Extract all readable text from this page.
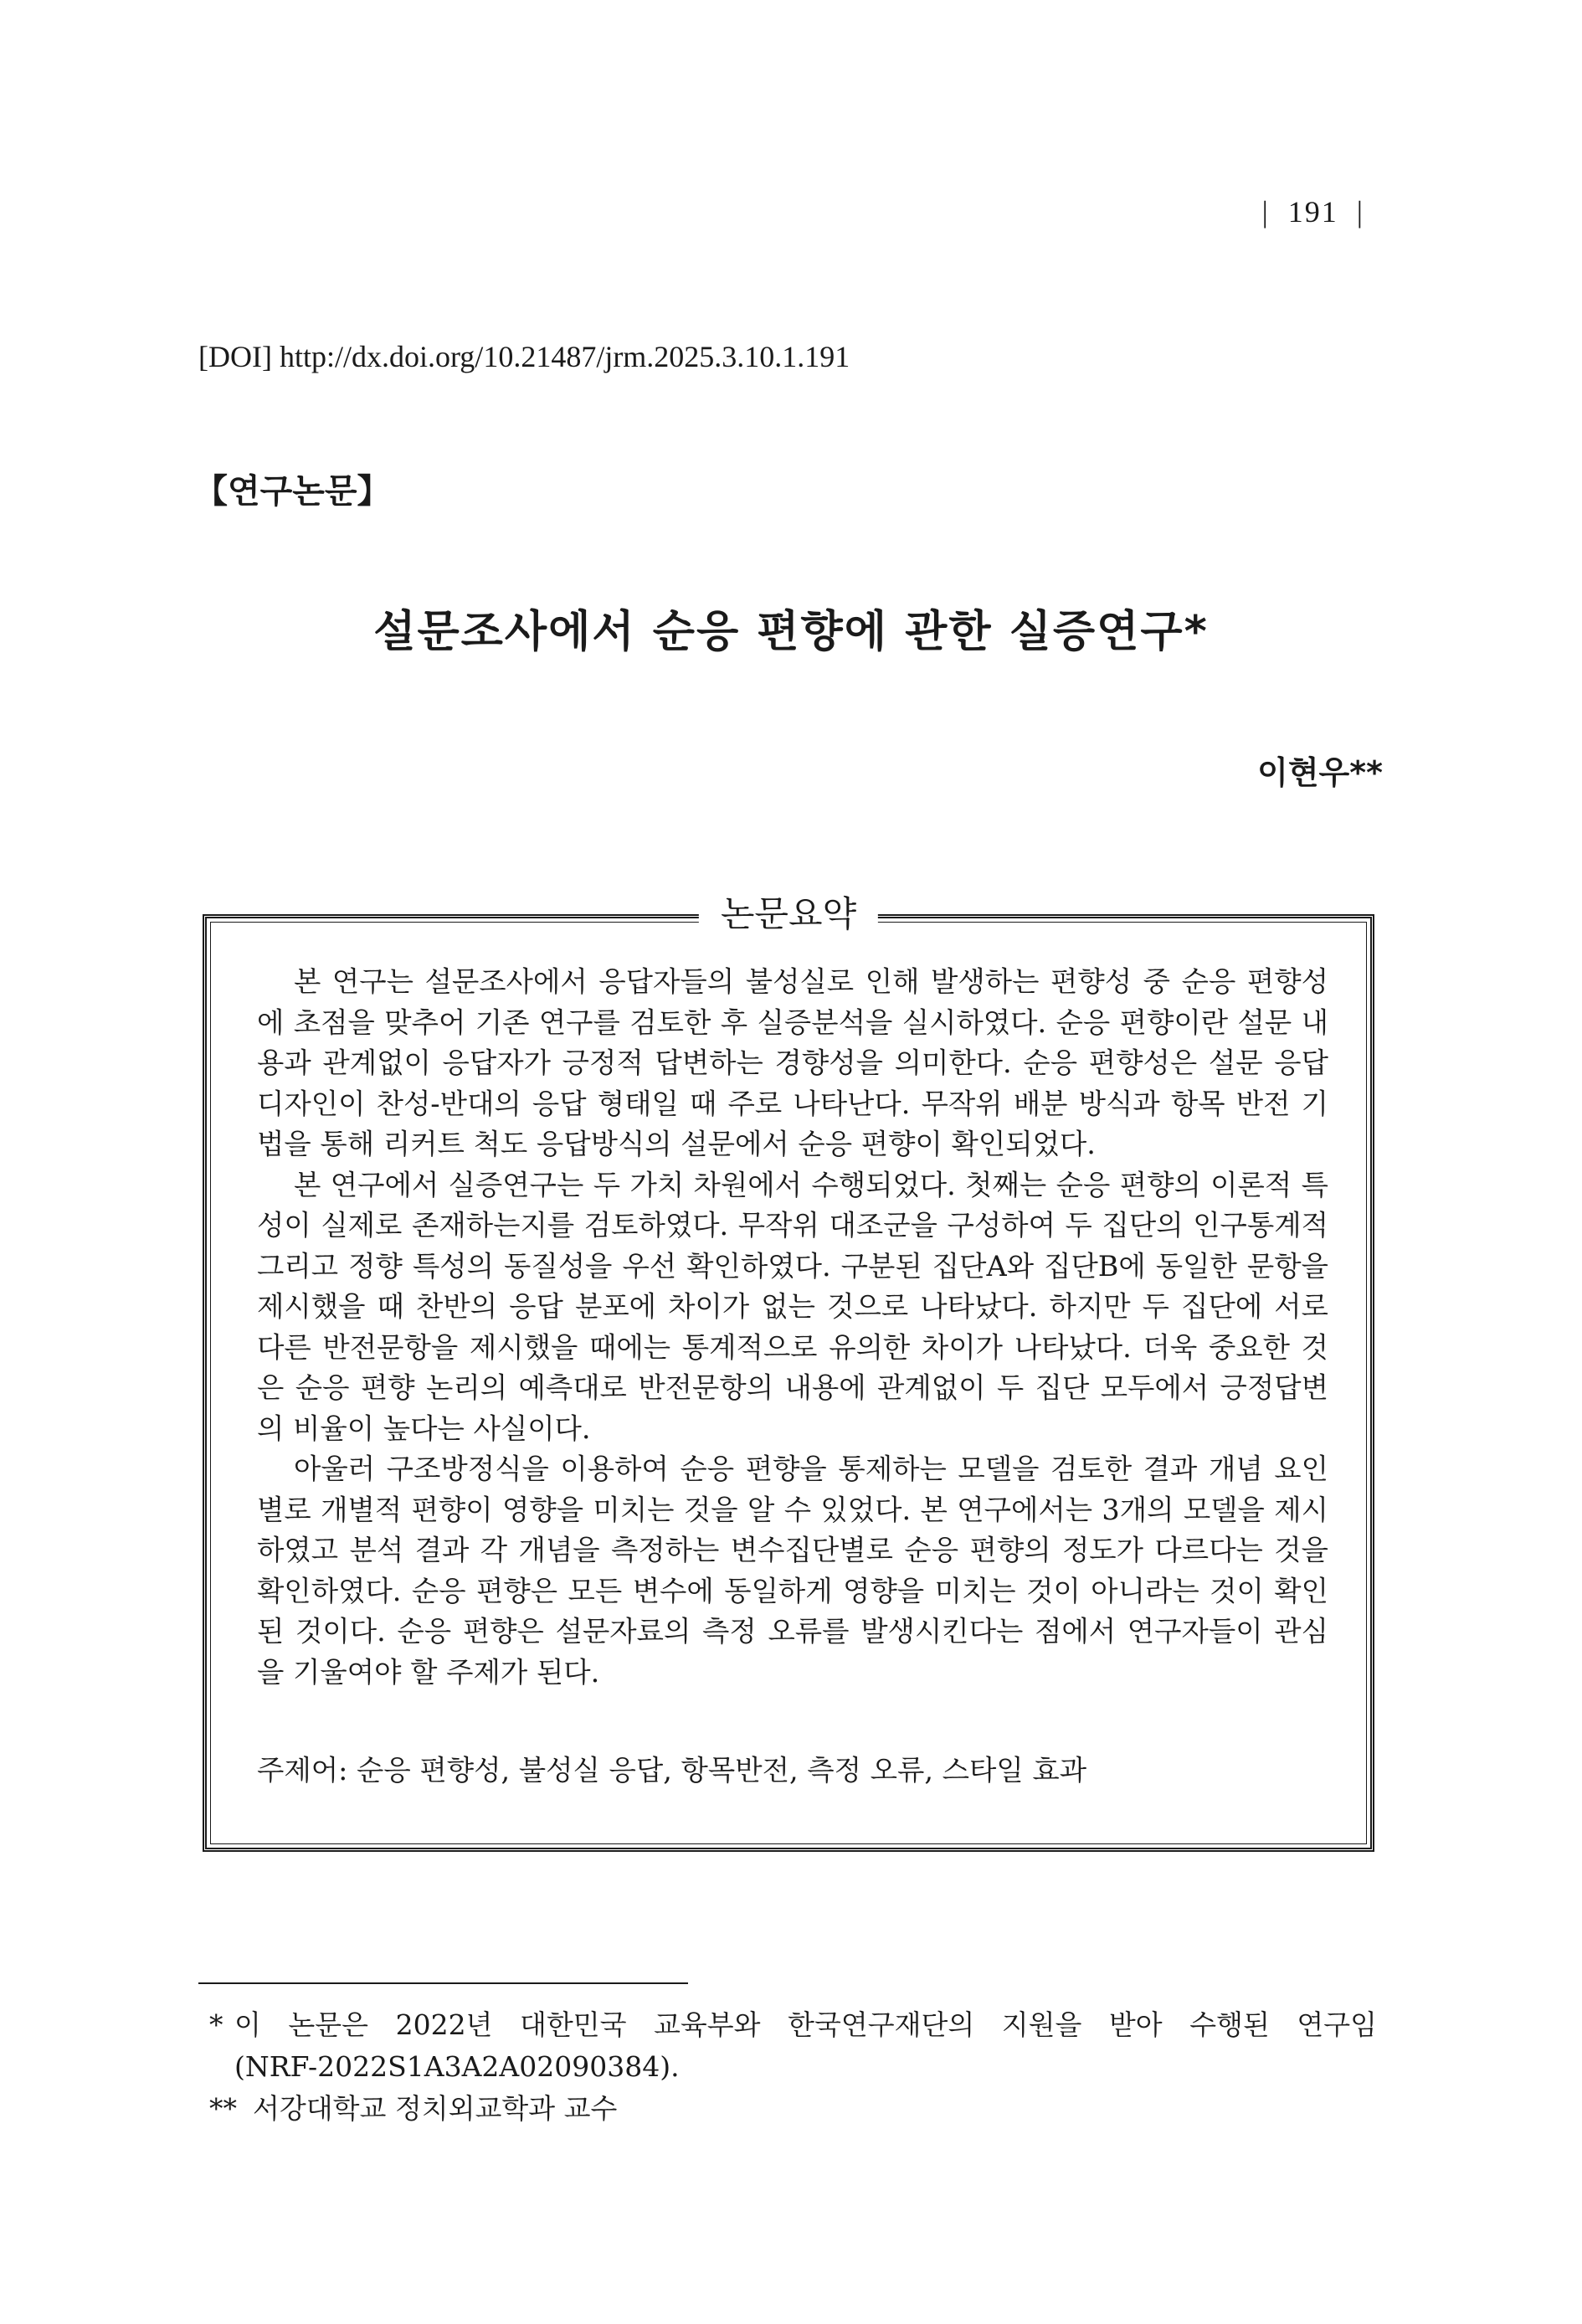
| 191 |
[DOI] http://dx.doi.org/10.21487/jrm.2025.3.10.1.191
【연구논문】
설문조사에서 순응 편향에 관한 실증연구*
이현우**
논문요약

본 연구는 설문조사에서 응답자들의 불성실로 인해 발생하는 편향성 중 순응 편향성에 초점을 맞추어 기존 연구를 검토한 후 실증분석을 실시하였다. 순응 편향이란 설문 내용과 관계없이 응답자가 긍정적 답변하는 경향성을 의미한다. 순응 편향성은 설문 응답 디자인이 찬성-반대의 응답 형태일 때 주로 나타난다. 무작위 배분 방식과 항목 반전 기법을 통해 리커트 척도 응답방식의 설문에서 순응 편향이 확인되었다.

본 연구에서 실증연구는 두 가치 차원에서 수행되었다. 첫째는 순응 편향의 이론적 특성이 실제로 존재하는지를 검토하였다. 무작위 대조군을 구성하여 두 집단의 인구통계적 그리고 정향 특성의 동질성을 우선 확인하였다. 구분된 집단A와 집단B에 동일한 문항을 제시했을 때 찬반의 응답 분포에 차이가 없는 것으로 나타났다. 하지만 두 집단에 서로 다른 반전문항을 제시했을 때에는 통계적으로 유의한 차이가 나타났다. 더욱 중요한 것은 순응 편향 논리의 예측대로 반전문항의 내용에 관계없이 두 집단 모두에서 긍정답변의 비율이 높다는 사실이다.

아울러 구조방정식을 이용하여 순응 편향을 통제하는 모델을 검토한 결과 개념 요인별로 개별적 편향이 영향을 미치는 것을 알 수 있었다. 본 연구에서는 3개의 모델을 제시하였고 분석 결과 각 개념을 측정하는 변수집단별로 순응 편향의 정도가 다르다는 것을 확인하였다. 순응 편향은 모든 변수에 동일하게 영향을 미치는 것이 아니라는 것이 확인된 것이다. 순응 편향은 설문자료의 측정 오류를 발생시킨다는 점에서 연구자들이 관심을 기울여야 할 주제가 된다.

주제어: 순응 편향성, 불성실 응답, 항목반전, 측정 오류, 스타일 효과
* 이 논문은 2022년 대한민국 교육부와 한국연구재단의 지원을 받아 수행된 연구임
(NRF-2022S1A3A2A02090384).
** 서강대학교 정치외교학과 교수
